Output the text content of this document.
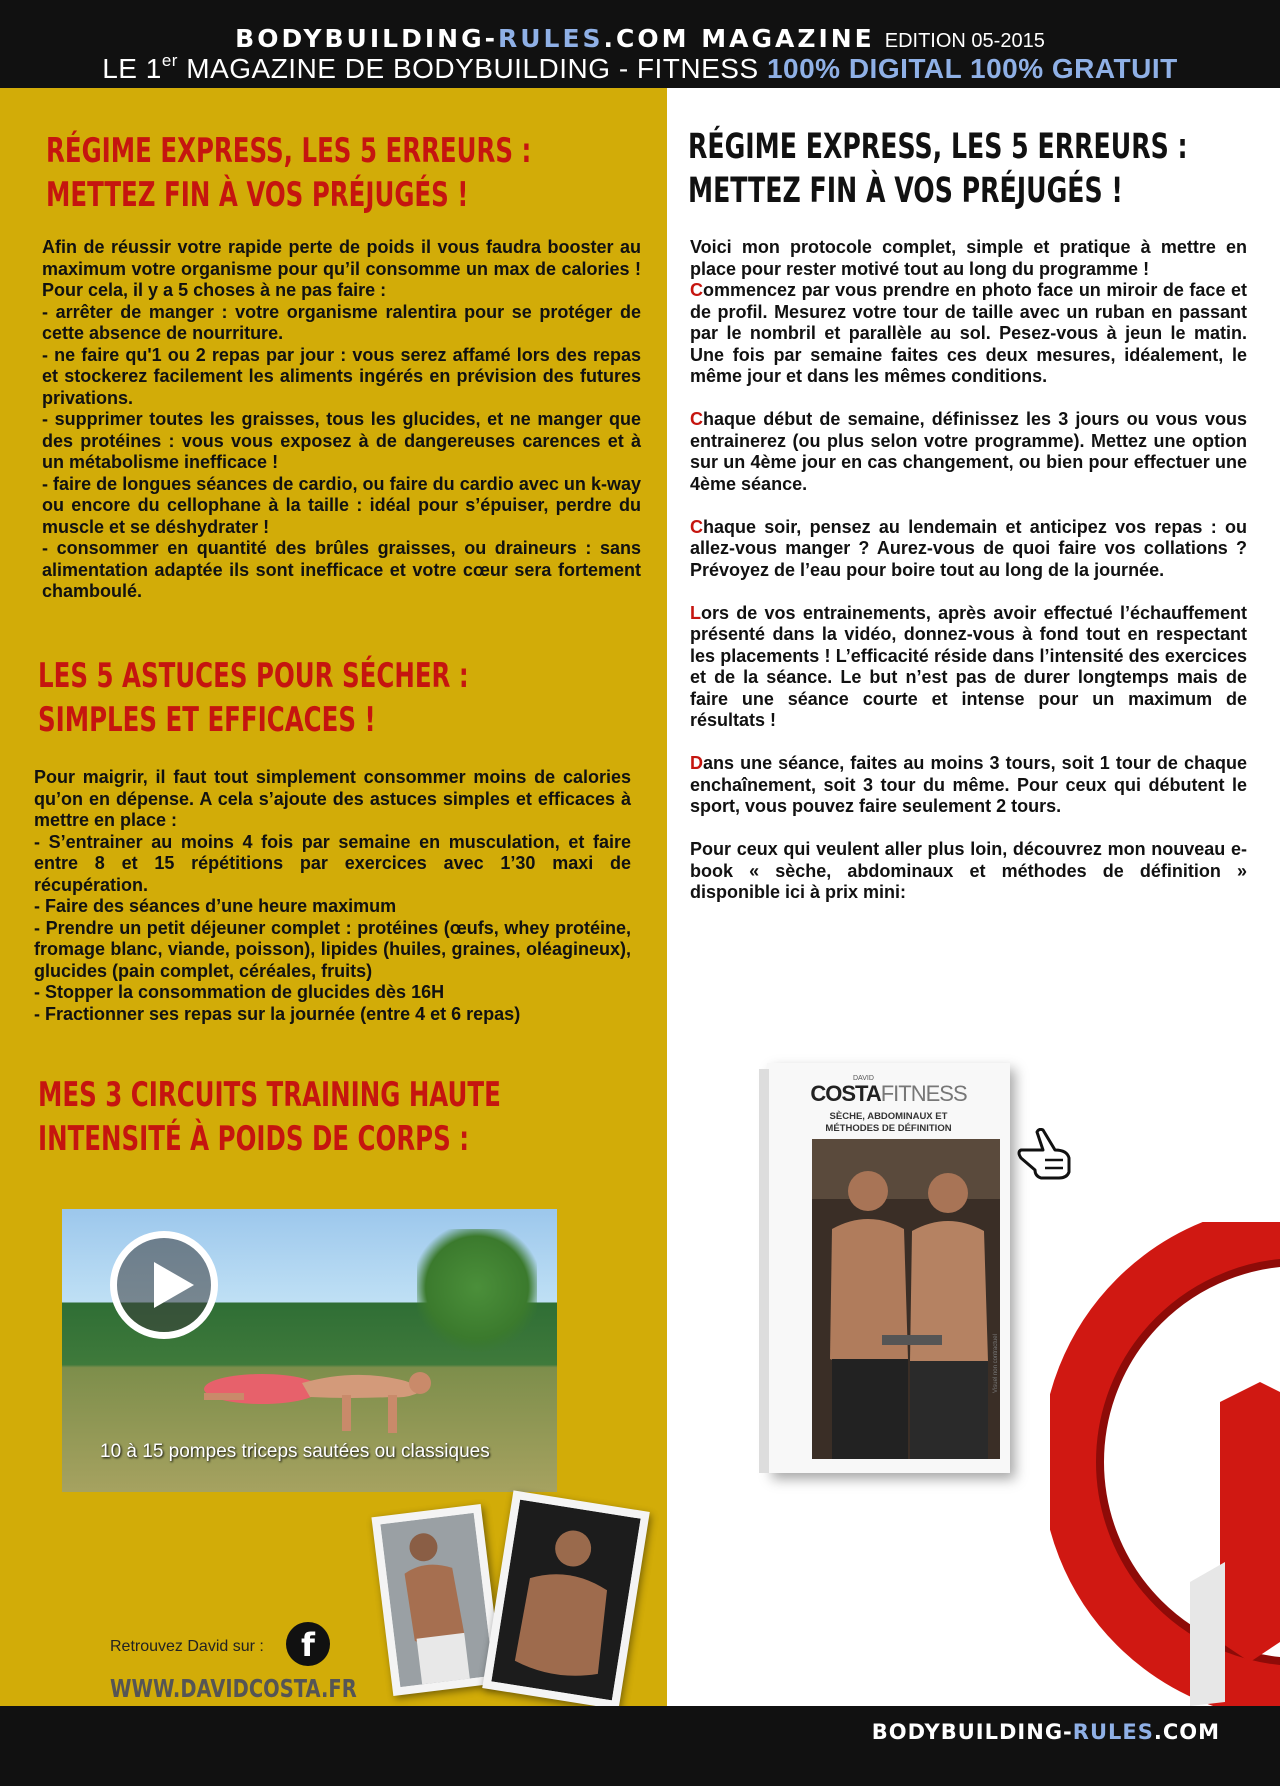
BODYBUILDING-RULES.COM MAGAZINE EDITION 05-2015
LE 1er MAGAZINE DE BODYBUILDING - FITNESS 100% DIGITAL 100% GRATUIT
RÉGIME EXPRESS, LES 5 ERREURS :
METTEZ FIN À VOS PRÉJUGÉS !

Afin de réussir votre rapide perte de poids il vous faudra booster au maximum votre organisme pour qu’il consomme un max de calories ! Pour cela, il y a 5 choses à ne pas faire :

- arrêter de manger : votre organisme ralentira pour se protéger de cette absence de nourriture.

- ne faire qu'1 ou 2 repas par jour : vous serez affamé lors des repas et stockerez facilement les aliments ingérés en prévision des futures privations.

- supprimer toutes les graisses, tous les glucides, et ne manger que des protéines : vous vous exposez à de dangereuses carences et à un métabolisme inefficace !

- faire de longues séances de cardio, ou faire du cardio avec un k-way ou encore du cellophane à la taille : idéal pour s’épuiser, perdre du muscle et se déshydrater !

- consommer en quantité des brûles graisses, ou draineurs : sans alimentation adaptée ils sont inefficace et votre cœur sera fortement chamboulé.

LES 5 ASTUCES POUR SÉCHER :
SIMPLES ET EFFICACES !

Pour maigrir, il faut tout simplement consommer moins de calories qu’on en dépense. A cela s’ajoute des astuces simples et efficaces à mettre en place :

- S’entrainer au moins 4 fois par semaine en musculation, et faire entre 8 et 15 répétitions par exercices avec 1’30 maxi de récupération.

- Faire des séances d’une heure maximum

- Prendre un petit déjeuner complet : protéines (œufs, whey protéine, fromage blanc, viande, poisson), lipides (huiles, graines, oléagineux), glucides (pain complet, céréales, fruits)

- Stopper la consommation de glucides dès 16H

- Fractionner ses repas sur la journée (entre 4 et 6 repas)

MES 3 CIRCUITS TRAINING HAUTE
INTENSITÉ À POIDS DE CORPS :
10 à 15 pompes triceps sautées ou classiques
Retrouvez David sur :	f
WWW.DAVIDCOSTA.FR
RÉGIME EXPRESS, LES 5 ERREURS :
METTEZ FIN À VOS PRÉJUGÉS !

Voici mon protocole complet, simple et pratique à mettre en place pour rester motivé tout au long du programme !

Commencez par vous prendre en photo face un miroir de face et de profil. Mesurez votre tour de taille avec un ruban en passant par le nombril et parallèle au sol. Pesez-vous à jeun le matin. Une fois par semaine faites ces deux mesures, idéalement, le même jour et dans les mêmes conditions.

Chaque début de semaine, définissez les 3 jours ou vous vous entrainerez (ou plus selon votre programme). Mettez une option sur un 4ème jour en cas changement, ou bien pour effectuer une 4ème séance.

Chaque soir, pensez au lendemain et anticipez vos repas : ou allez-vous manger ? Aurez-vous de quoi faire vos collations ? Prévoyez de l’eau pour boire tout au long de la journée.

Lors de vos entrainements, après avoir effectué l’échauffement présenté dans la vidéo, donnez-vous à fond tout en respectant les placements ! L’efficacité réside dans l’intensité des exercices et de la séance. Le but n’est pas de durer longtemps mais de faire une séance courte et intense pour un maximum de résultats !

Dans une séance, faites au moins 3 tours, soit 1 tour de chaque enchaînement, soit 3 tour du même. Pour ceux qui débutent le sport, vous pouvez faire seulement 2 tours.

Pour ceux qui veulent aller plus loin, découvrez mon nouveau e-book « sèche, abdominaux et méthodes de définition » disponible ici à prix mini:

DAVID
COSTAFITNESS
SÈCHE, ABDOMINAUX ET
MÉTHODES DE DÉFINITION
Visuel non contractuel
BODYBUILDING-RULES.COM
